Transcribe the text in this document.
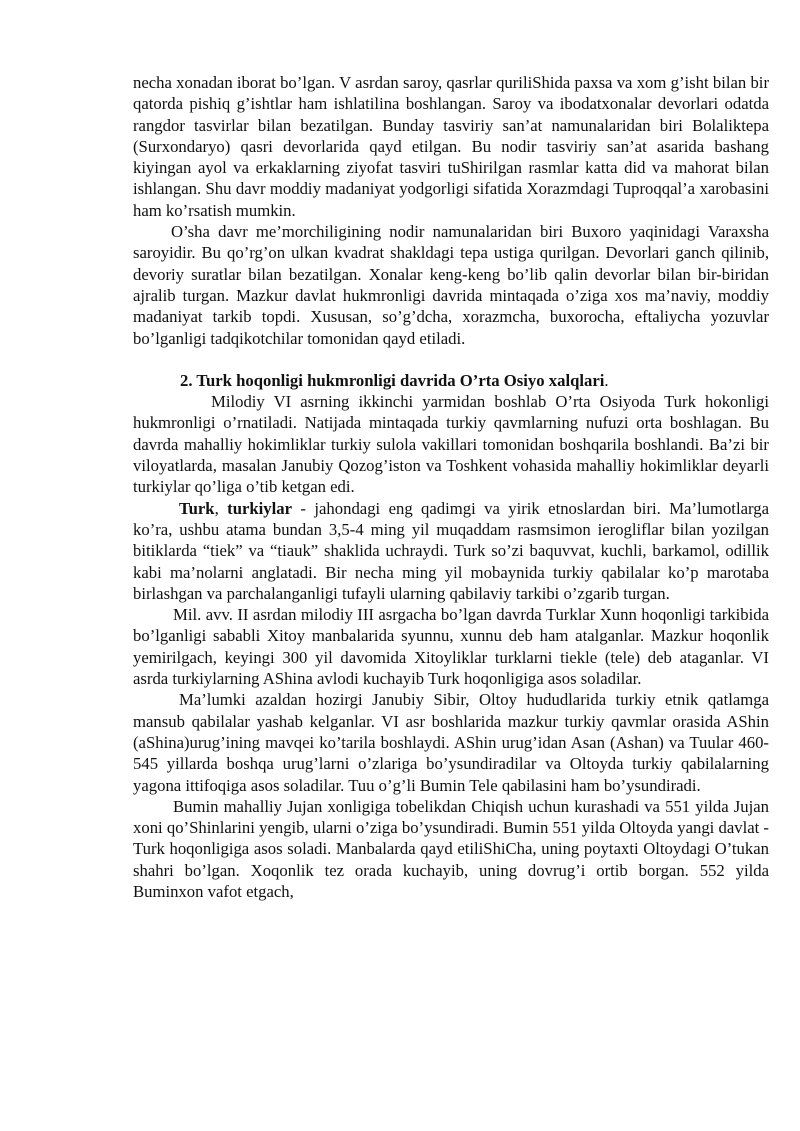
necha xonadan iborat bo’lgan. V asrdan saroy, qasrlar quriliShida paxsa va xom g’isht bilan bir qatorda pishiq g’ishtlar ham ishlatilina boshlangan. Saroy va ibodatxonalar devorlari odatda rangdor tasvirlar bilan bezatilgan. Bunday tasviriy san’at namunalaridan biri Bolaliktepa (Surxondaryo) qasri devorlarida qayd etilgan. Bu nodir tasviriy san’at asarida bashang kiyingan ayol va erkaklarning ziyofat tasviri tuShirilgan rasmlar katta did va mahorat bilan ishlangan. Shu davr moddiy madaniyat yodgorligi sifatida Xorazmdagi Tuproqqal’a xarobasini ham ko’rsatish mumkin.

O’sha davr me’morchiligining nodir namunalaridan biri Buxoro yaqinidagi Varaxsha saroyidir. Bu qo’rg’on ulkan kvadrat shakldagi tepa ustiga qurilgan. Devorlari ganch qilinib, devoriy suratlar bilan bezatilgan. Xonalar keng-keng bo’lib qalin devorlar bilan bir-biridan ajralib turgan. Mazkur davlat hukmronligi davrida mintaqada o’ziga xos ma’naviy, moddiy madaniyat tarkib topdi. Xususan, so’g’dcha, xorazmcha, buxorocha, eftaliycha yozuvlar bo’lganligi tadqikotchilar tomonidan qayd etiladi.

2. Turk hoqonligi hukmronligi davrida O’rta Osiyo xalqlari.

Milodiy VI asrning ikkinchi yarmidan boshlab O’rta Osiyoda Turk hokonligi hukmronligi o’rnatiladi. Natijada mintaqada turkiy qavmlarning nufuzi orta boshlagan. Bu davrda mahalliy hokimliklar turkiy sulola vakillari tomonidan boshqarila boshlandi. Ba’zi bir viloyatlarda, masalan Janubiy Qozog’iston va Toshkent vohasida mahalliy hokimliklar deyarli turkiylar qo’liga o’tib ketgan edi.

Turk, turkiylar - jahondagi eng qadimgi va yirik etnoslardan biri. Ma’lumotlarga ko’ra, ushbu atama bundan 3,5-4 ming yil muqaddam rasmsimon ierogliflar bilan yozilgan bitiklarda “tiek” va “tiauk” shaklida uchraydi. Turk so’zi baquvvat, kuchli, barkamol, odillik kabi ma’nolarni anglatadi. Bir necha ming yil mobaynida turkiy qabilalar ko’p marotaba birlashgan va parchalanganligi tufayli ularning qabilaviy tarkibi o’zgarib turgan.

Mil. avv. II asrdan milodiy III asrgacha bo’lgan davrda Turklar Xunn hoqonligi tarkibida bo’lganligi sababli Xitoy manbalarida syunnu, xunnu deb ham atalganlar. Mazkur hoqonlik yemirilgach, keyingi 300 yil davomida Xitoyliklar turklarni tiekle (tele) deb ataganlar. VI asrda turkiylarning AShina avlodi kuchayib Turk hoqonligiga asos soladilar.

Ma’lumki azaldan hozirgi Janubiy Sibir, Oltoy hududlarida turkiy etnik qatlamga mansub qabilalar yashab kelganlar. VI asr boshlarida mazkur turkiy qavmlar orasida AShin (aShina)urug’ining mavqei ko’tarila boshlaydi. AShin urug’idan Asan (Ashan) va Tuular 460-545 yillarda boshqa urug’larni o’zlariga bo’ysundiradilar va Oltoyda turkiy qabilalarning yagona ittifoqiga asos soladilar. Tuu o’g’li Bumin Tele qabilasini ham bo’ysundiradi.

Bumin mahalliy Jujan xonligiga tobelikdan Chiqish uchun kurashadi va 551 yilda Jujan xoni qo’Shinlarini yengib, ularni o’ziga bo’ysundiradi. Bumin 551 yilda Oltoyda yangi davlat - Turk hoqonligiga asos soladi. Manbalarda qayd etiliShiCha, uning poytaxti Oltoydagi O’tukan shahri bo’lgan. Xoqonlik tez orada kuchayib, uning dovrug’i ortib borgan. 552 yilda Buminxon vafot etgach,
